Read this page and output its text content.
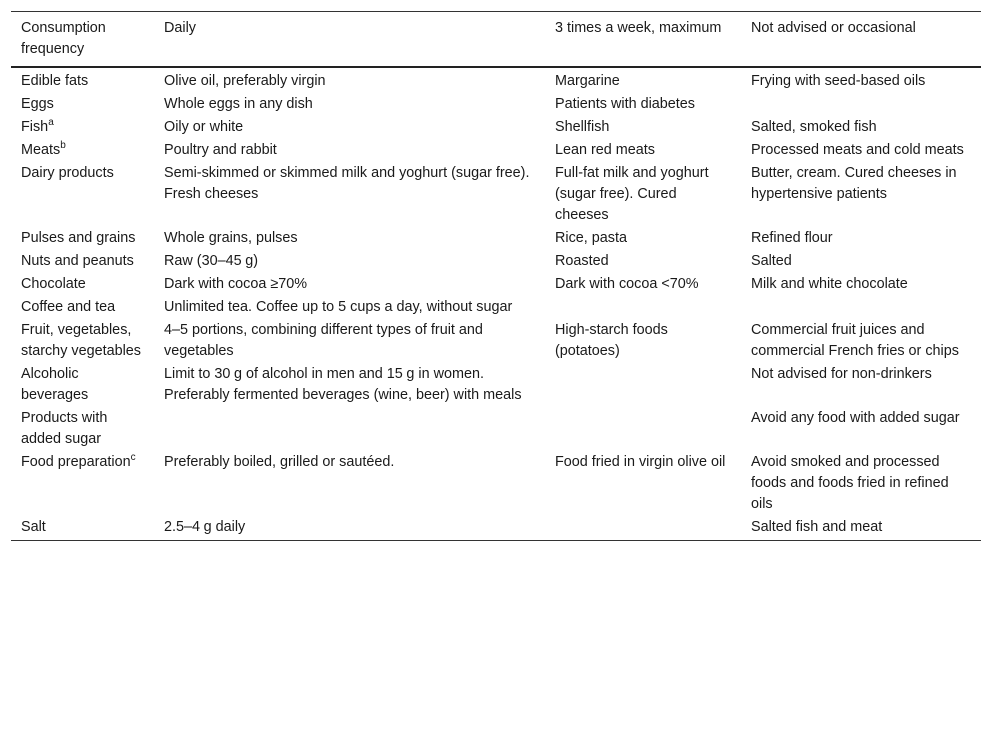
Consumption frequency	Daily	3 times a week, maximum	Not advised or occasional
Edible fats	Olive oil, preferably virgin	Margarine	Frying with seed-based oils
Eggs	Whole eggs in any dish	Patients with diabetes	
Fish$^a$	Oily or white	Shellfish	Salted, smoked fish
Meats$^b$	Poultry and rabbit	Lean red meats	Processed meats and cold meats
Dairy products	Semi-skimmed or skimmed milk and yoghurt (sugar free). Fresh cheeses	Full-fat milk and yoghurt (sugar free). Cured cheeses	Butter, cream. Cured cheeses in hypertensive patients
Pulses and grains	Whole grains, pulses	Rice, pasta	Refined flour
Nuts and peanuts	Raw (30–45 g)	Roasted	Salted
Chocolate	Dark with cocoa ≥70%	Dark with cocoa <70%	Milk and white chocolate
Coffee and tea	Unlimited tea. Coffee up to 5 cups a day, without sugar		
Fruit, vegetables, starchy vegetables	4–5 portions, combining different types of fruit and vegetables	High-starch foods (potatoes)	Commercial fruit juices and commercial French fries or chips
Alcoholic beverages	Limit to 30 g of alcohol in men and 15 g in women. Preferably fermented beverages (wine, beer) with meals		Not advised for non-drinkers
Products with added sugar			Avoid any food with added sugar
Food preparation$^c$	Preferably boiled, grilled or sautéed.	Food fried in virgin olive oil	Avoid smoked and processed foods and foods fried in refined oils
Salt	2.5–4 g daily		Salted fish and meat
